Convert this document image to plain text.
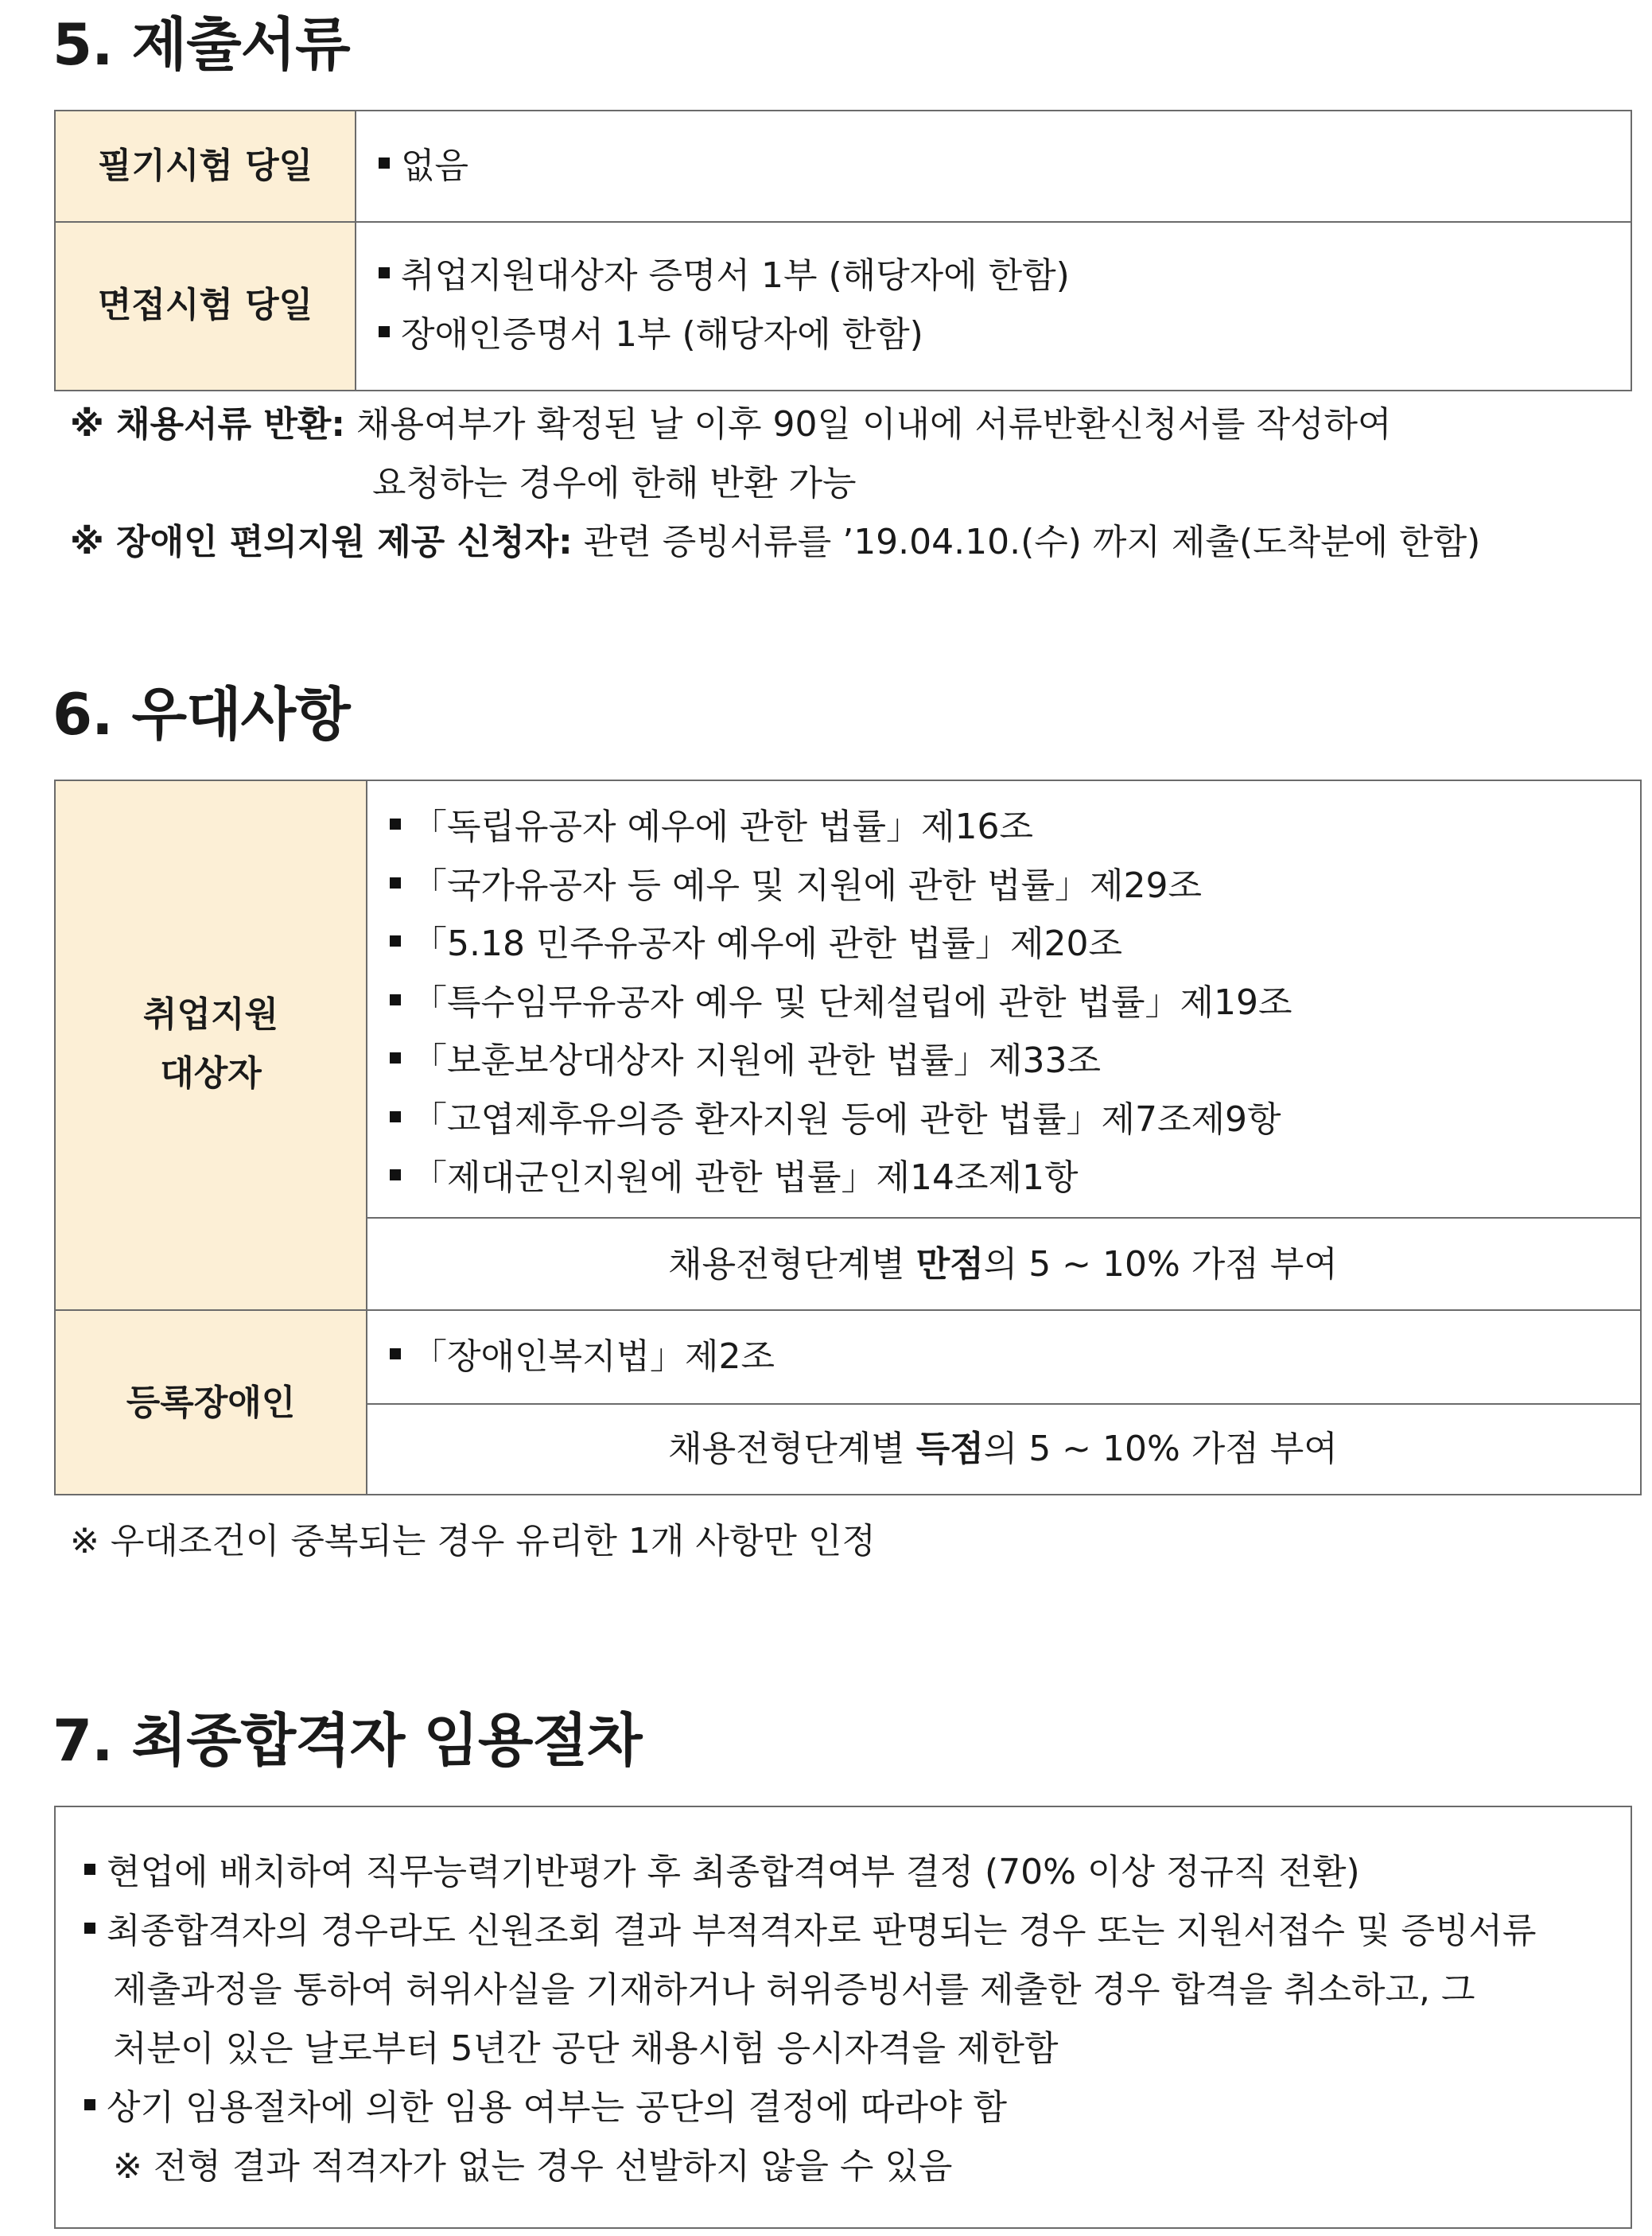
5. 제출서류
필기시험 당일	없음
면접시험 당일
취업지원대상자 증명서 1부 (해당자에 한함)
장애인증명서 1부 (해당자에 한함)
※ 채용서류 반환: 채용여부가 확정된 날 이후 90일 이내에 서류반환신청서를 작성하여
요청하는 경우에 한해 반환 가능
※ 장애인 편의지원 제공 신청자: 관련 증빙서류를 ’19.04.10.(수) 까지 제출(도착분에 한함)
6. 우대사항
취업지원
대상자
「독립유공자 예우에 관한 법률」제16조
「국가유공자 등 예우 및 지원에 관한 법률」제29조
「5.18 민주유공자 예우에 관한 법률」제20조
「특수임무유공자 예우 및 단체설립에 관한 법률」제19조
「보훈보상대상자 지원에 관한 법률」제33조
「고엽제후유의증 환자지원 등에 관한 법률」제7조제9항
「제대군인지원에 관한 법률」제14조제1항
채용전형단계별 만점의 5 ~ 10% 가점 부여
등록장애인
「장애인복지법」제2조
채용전형단계별 득점의 5 ~ 10% 가점 부여
※ 우대조건이 중복되는 경우 유리한 1개 사항만 인정
7. 최종합격자 임용절차
현업에 배치하여 직무능력기반평가 후 최종합격여부 결정 (70% 이상 정규직 전환)
최종합격자의 경우라도 신원조회 결과 부적격자로 판명되는 경우 또는 지원서접수 및 증빙서류
제출과정을 통하여 허위사실을 기재하거나 허위증빙서를 제출한 경우 합격을 취소하고, 그
처분이 있은 날로부터 5년간 공단 채용시험 응시자격을 제한함
상기 임용절차에 의한 임용 여부는 공단의 결정에 따라야 함
※ 전형 결과 적격자가 없는 경우 선발하지 않을 수 있음
